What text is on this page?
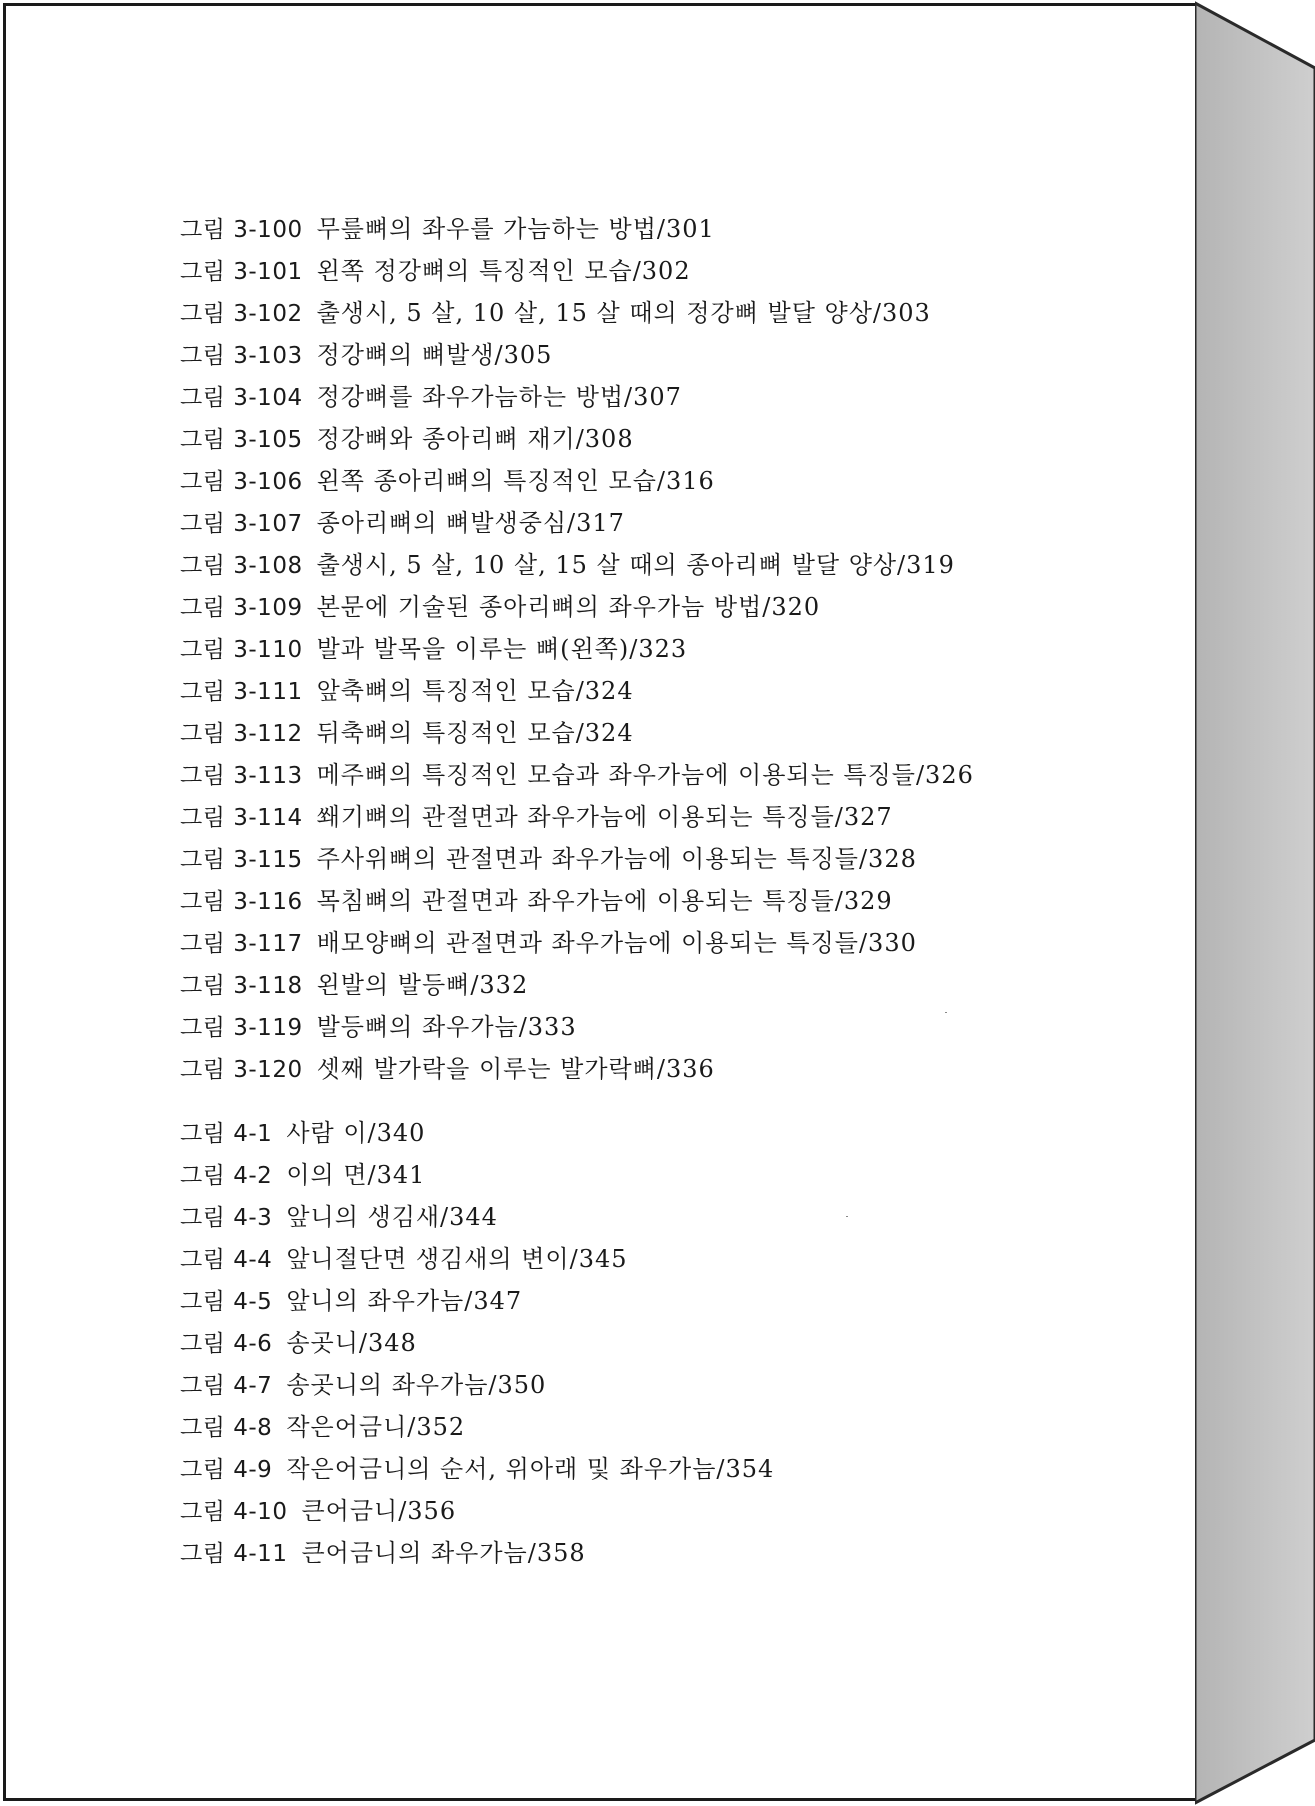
그림 3-100 무릎뼈의 좌우를 가늠하는 방법/301
그림 3-101 왼쪽 정강뼈의 특징적인 모습/302
그림 3-102 출생시, 5 살, 10 살, 15 살 때의 정강뼈 발달 양상/303
그림 3-103 정강뼈의 뼈발생/305
그림 3-104 정강뼈를 좌우가늠하는 방법/307
그림 3-105 정강뼈와 종아리뼈 재기/308
그림 3-106 왼쪽 종아리뼈의 특징적인 모습/316
그림 3-107 종아리뼈의 뼈발생중심/317
그림 3-108 출생시, 5 살, 10 살, 15 살 때의 종아리뼈 발달 양상/319
그림 3-109 본문에 기술된 종아리뼈의 좌우가늠 방법/320
그림 3-110 발과 발목을 이루는 뼈(왼쪽)/323
그림 3-111 앞축뼈의 특징적인 모습/324
그림 3-112 뒤축뼈의 특징적인 모습/324
그림 3-113 메주뼈의 특징적인 모습과 좌우가늠에 이용되는 특징들/326
그림 3-114 쐐기뼈의 관절면과 좌우가늠에 이용되는 특징들/327
그림 3-115 주사위뼈의 관절면과 좌우가늠에 이용되는 특징들/328
그림 3-116 목침뼈의 관절면과 좌우가늠에 이용되는 특징들/329
그림 3-117 배모양뼈의 관절면과 좌우가늠에 이용되는 특징들/330
그림 3-118 왼발의 발등뼈/332
그림 3-119 발등뼈의 좌우가늠/333
그림 3-120 셋째 발가락을 이루는 발가락뼈/336
그림 4-1 사람 이/340
그림 4-2 이의 면/341
그림 4-3 앞니의 생김새/344
그림 4-4 앞니절단면 생김새의 변이/345
그림 4-5 앞니의 좌우가늠/347
그림 4-6 송곳니/348
그림 4-7 송곳니의 좌우가늠/350
그림 4-8 작은어금니/352
그림 4-9 작은어금니의 순서, 위아래 및 좌우가늠/354
그림 4-10 큰어금니/356
그림 4-11 큰어금니의 좌우가늠/358
